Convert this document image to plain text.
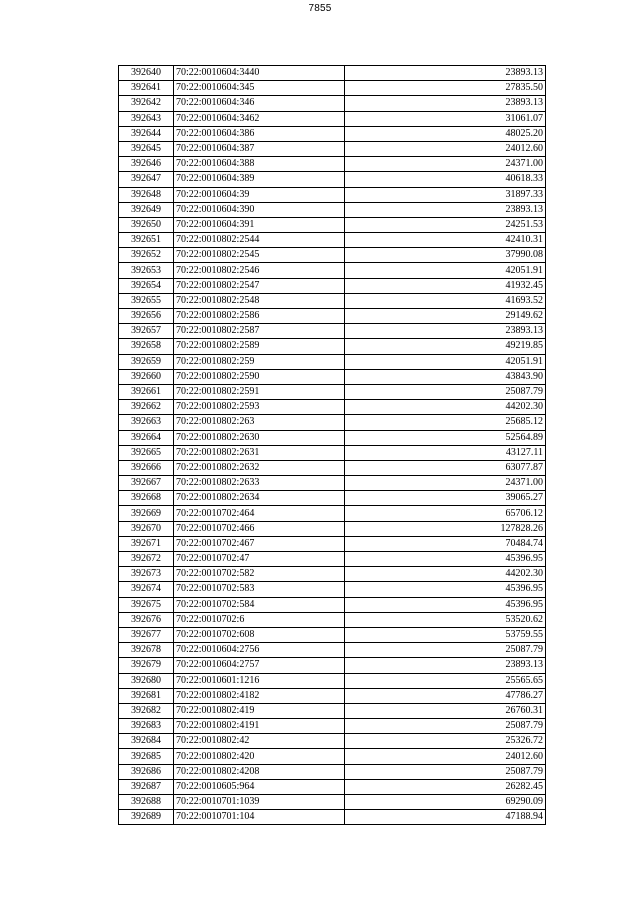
7855
392640	70:22:0010604:3440	23893.13
392641	70:22:0010604:345	27835.50
392642	70:22:0010604:346	23893.13
392643	70:22:0010604:3462	31061.07
392644	70:22:0010604:386	48025.20
392645	70:22:0010604:387	24012.60
392646	70:22:0010604:388	24371.00
392647	70:22:0010604:389	40618.33
392648	70:22:0010604:39	31897.33
392649	70:22:0010604:390	23893.13
392650	70:22:0010604:391	24251.53
392651	70:22:0010802:2544	42410.31
392652	70:22:0010802:2545	37990.08
392653	70:22:0010802:2546	42051.91
392654	70:22:0010802:2547	41932.45
392655	70:22:0010802:2548	41693.52
392656	70:22:0010802:2586	29149.62
392657	70:22:0010802:2587	23893.13
392658	70:22:0010802:2589	49219.85
392659	70:22:0010802:259	42051.91
392660	70:22:0010802:2590	43843.90
392661	70:22:0010802:2591	25087.79
392662	70:22:0010802:2593	44202.30
392663	70:22:0010802:263	25685.12
392664	70:22:0010802:2630	52564.89
392665	70:22:0010802:2631	43127.11
392666	70:22:0010802:2632	63077.87
392667	70:22:0010802:2633	24371.00
392668	70:22:0010802:2634	39065.27
392669	70:22:0010702:464	65706.12
392670	70:22:0010702:466	127828.26
392671	70:22:0010702:467	70484.74
392672	70:22:0010702:47	45396.95
392673	70:22:0010702:582	44202.30
392674	70:22:0010702:583	45396.95
392675	70:22:0010702:584	45396.95
392676	70:22:0010702:6	53520.62
392677	70:22:0010702:608	53759.55
392678	70:22:0010604:2756	25087.79
392679	70:22:0010604:2757	23893.13
392680	70:22:0010601:1216	25565.65
392681	70:22:0010802:4182	47786.27
392682	70:22:0010802:419	26760.31
392683	70:22:0010802:4191	25087.79
392684	70:22:0010802:42	25326.72
392685	70:22:0010802:420	24012.60
392686	70:22:0010802:4208	25087.79
392687	70:22:0010605:964	26282.45
392688	70:22:0010701:1039	69290.09
392689	70:22:0010701:104	47188.94
